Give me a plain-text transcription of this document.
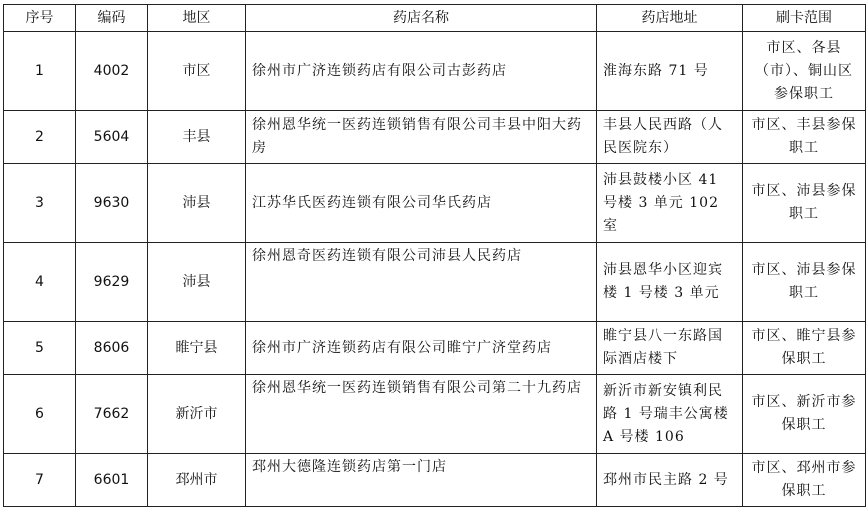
序号	编码	地区	药店名称	药店地址	刷卡范围
1	4002	市区	徐州市广济连锁药店有限公司古彭药店	淮海东路 71 号	市区、各县（市）、铜山区参保职工
2	5604	丰县	徐州恩华统一医药连锁销售有限公司丰县中阳大药房	丰县人民西路（人民医院东）	市区、丰县参保职工
3	9630	沛县	江苏华氏医药连锁有限公司华氏药店	沛县鼓楼小区 41 号楼 3 单元 102 室	市区、沛县参保职工
4	9629	沛县	徐州恩奇医药连锁有限公司沛县人民药店	沛县恩华小区迎宾楼 1 号楼 3 单元	市区、沛县参保职工
5	8606	睢宁县	徐州市广济连锁药店有限公司睢宁广济堂药店	睢宁县八一东路国际酒店楼下	市区、睢宁县参保职工
6	7662	新沂市	徐州恩华统一医药连锁销售有限公司第二十九药店	新沂市新安镇利民路 1 号瑞丰公寓楼 A 号楼 106	市区、新沂市参保职工
7	6601	邳州市	邳州大德隆连锁药店第一门店	邳州市民主路 2 号	市区、邳州市参保职工
